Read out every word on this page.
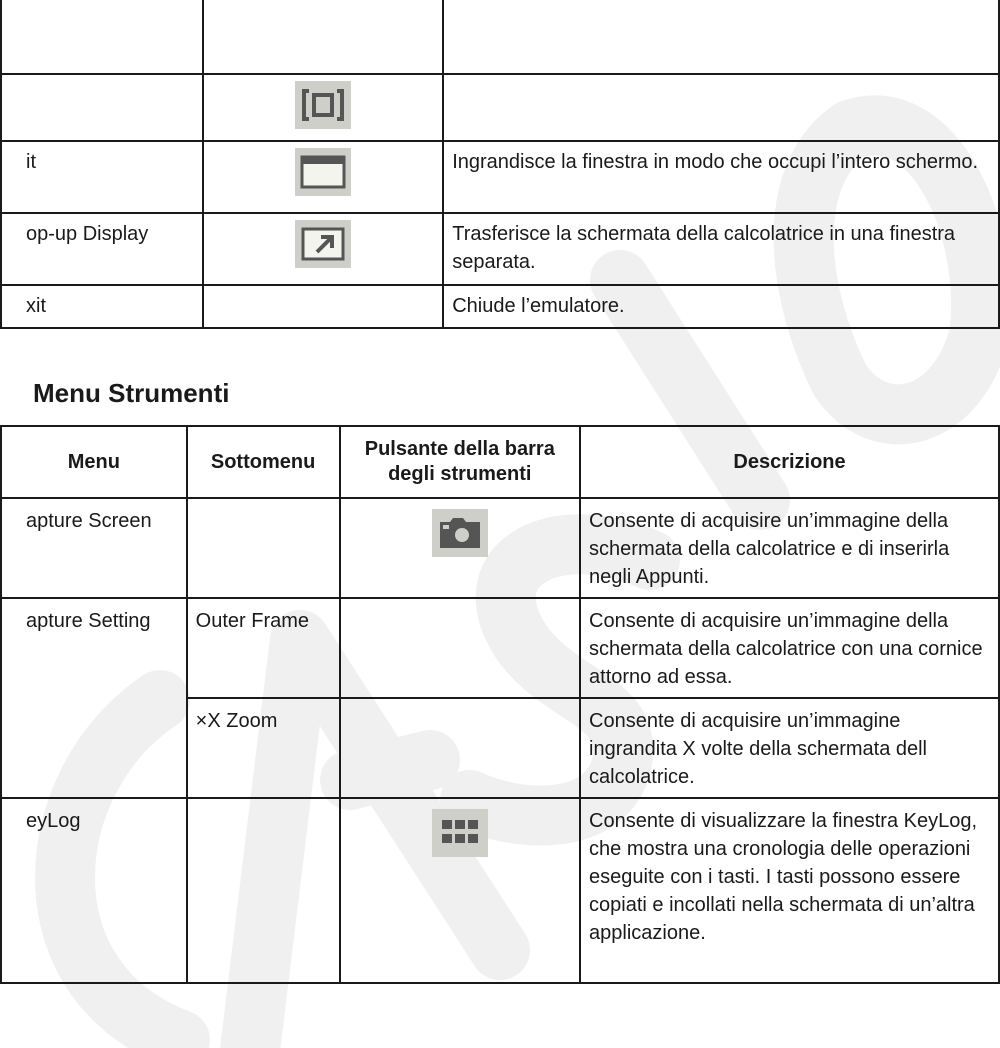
it		Ingrandisce la finestra in modo che occupi l’intero schermo.

op-up Display		Trasferisce la schermata della calcolatrice in una finestra separata.

xit		Chiude l’emulatore.
Menu Strumenti
Menu	Sottomenu	Pulsante della barra degli strumenti	Descrizione

apture Screen			Consente di acquisire un’immagine della schermata della calcolatrice e di inserirla negli Appunti.

apture Setting	Outer Frame		Consente di acquisire un’immagine della schermata della calcolatrice con una cornice attorno ad essa.
	×X Zoom		Consente di acquisire un’immagine ingrandita X volte della schermata dell calcolatrice.

eyLog			Consente di visualizzare la finestra KeyLog, che mostra una cronologia delle operazioni eseguite con i tasti. I tasti possono essere copiati e incollati nella schermata di un’altra applicazione.
